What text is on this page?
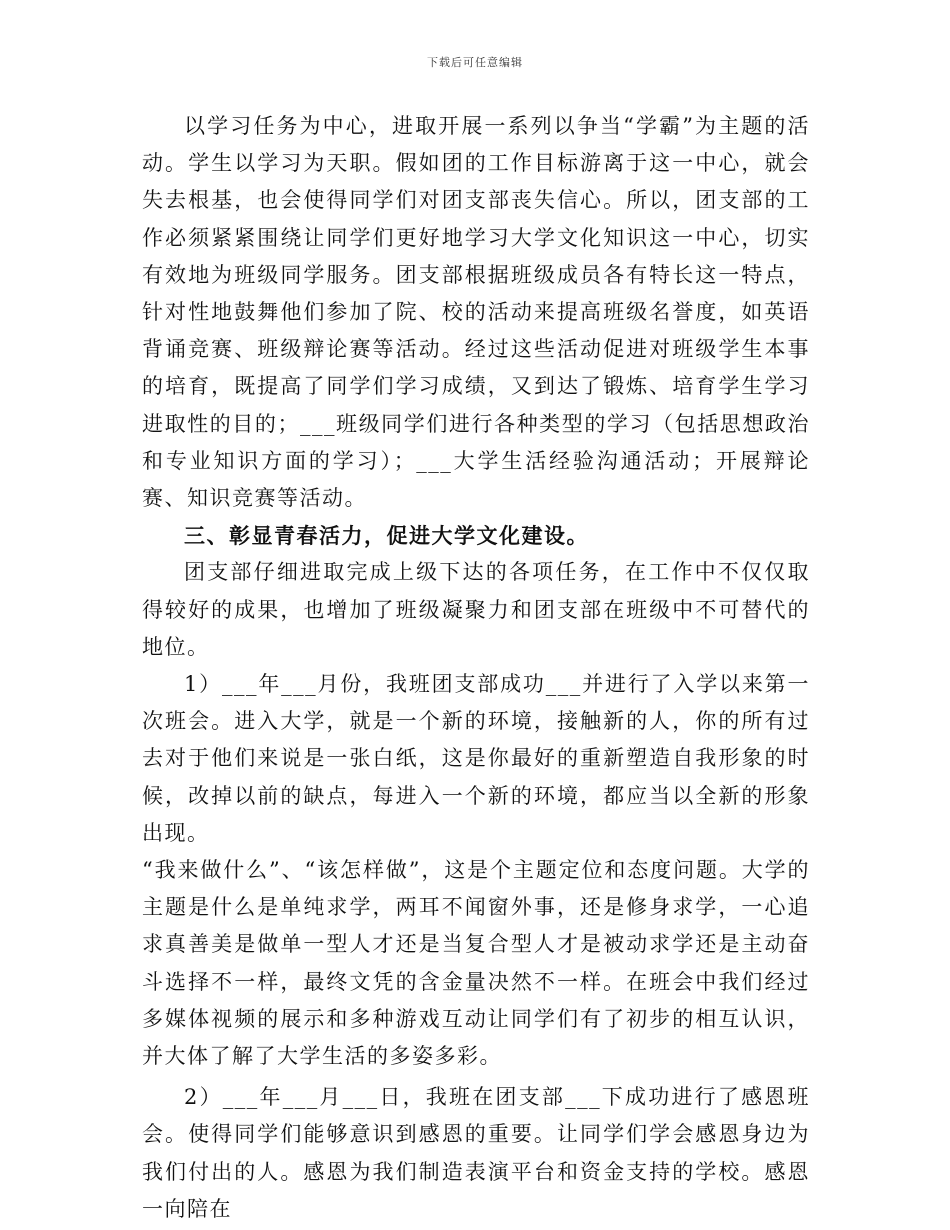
下载后可任意编辑

以学习任务为中心，进取开展一系列以争当“学霸”为主题的活动。学生以学习为天职。假如团的工作目标游离于这一中心，就会失去根基，也会使得同学们对团支部丧失信心。所以，团支部的工作必须紧紧围绕让同学们更好地学习大学文化知识这一中心，切实有效地为班级同学服务。团支部根据班级成员各有特长这一特点，针对性地鼓舞他们参加了院、校的活动来提高班级名誉度，如英语背诵竞赛、班级辩论赛等活动。经过这些活动促进对班级学生本事的培育，既提高了同学们学习成绩，又到达了锻炼、培育学生学习进取性的目的；___班级同学们进行各种类型的学习（包括思想政治和专业知识方面的学习）；___大学生活经验沟通活动；开展辩论赛、知识竞赛等活动。

三、彰显青春活力，促进大学文化建设。

团支部仔细进取完成上级下达的各项任务，在工作中不仅仅取得较好的成果，也增加了班级凝聚力和团支部在班级中不可替代的地位。

1）___年___月份，我班团支部成功___并进行了入学以来第一次班会。进入大学，就是一个新的环境，接触新的人，你的所有过去对于他们来说是一张白纸，这是你最好的重新塑造自我形象的时候，改掉以前的缺点，每进入一个新的环境，都应当以全新的形象出现。

“我来做什么”、“该怎样做”，这是个主题定位和态度问题。大学的主题是什么是单纯求学，两耳不闻窗外事，还是修身求学，一心追求真善美是做单一型人才还是当复合型人才是被动求学还是主动奋斗选择不一样，最终文凭的含金量决然不一样。在班会中我们经过多媒体视频的展示和多种游戏互动让同学们有了初步的相互认识，并大体了解了大学生活的多姿多彩。

2）___年___月___日，我班在团支部___下成功进行了感恩班会。使得同学们能够意识到感恩的重要。让同学们学会感恩身边为我们付出的人。感恩为我们制造表演平台和资金支持的学校。感恩一向陪在
